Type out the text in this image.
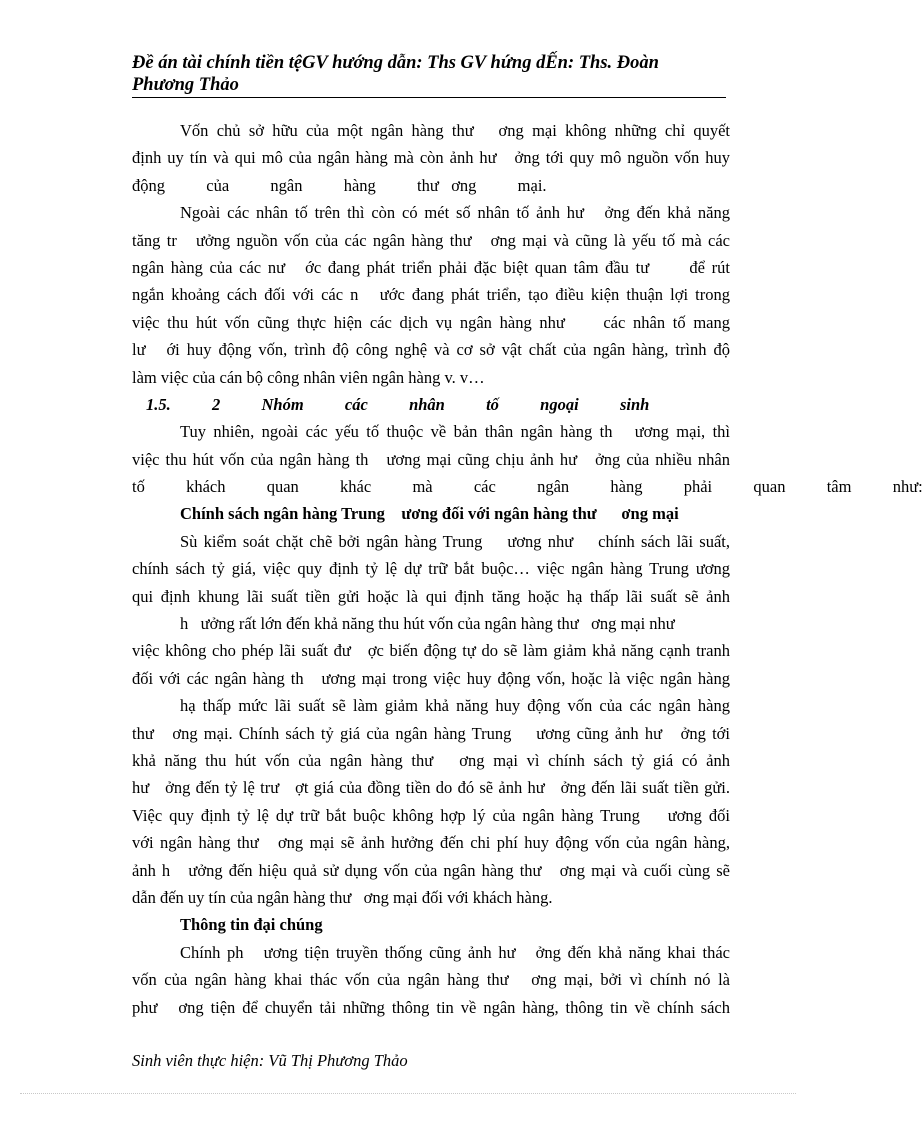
Đề án tài chính tiền tệGV hướng dẫn: Ths GV hứng dẾn: Ths. Đoàn
Phương Thảo
Vốn chủ sở hữu của một ngân hàng thư   ơng mại không những chỉ quyết
định uy tín và qui mô của ngân hàng mà còn ảnh hư   ởng tới quy mô nguồn vốn huy
động          của          ngân          hàng          thư   ơng          mại.
Ngoài các nhân tố trên thì còn có mét số nhân tố ảnh hư   ởng đến khả năng
tăng tr   ưởng nguồn vốn của các ngân hàng thư   ơng mại và cũng là yếu tố mà các
ngân hàng của các nư   ớc đang phát triển phải đặc biệt quan tâm đầu tư      để rút
ngắn khoảng cách đối với các n   ước đang phát triển, tạo điều kiện thuận lợi trong
việc thu hút vốn cũng thực hiện các dịch vụ ngân hàng như     các nhân tố mang
lư   ới huy động vốn, trình độ công nghệ và cơ sở vật chất của ngân hàng, trình độ
làm việc của cán bộ công nhân viên ngân hàng v. v…
1.5.          2          Nhóm          các          nhân          tố          ngoại          sinh
Tuy nhiên, ngoài các yếu tố thuộc về bản thân ngân hàng th   ương mại, thì
việc thu hút vốn của ngân hàng th   ương mại cũng chịu ảnh hư   ởng của nhiều nhân
tố          khách          quan          khác          mà          các          ngân          hàng          phải          quan          tâm          như:
Chính sách ngân hàng Trung    ương đối với ngân hàng thư      ơng mại
Sù kiểm soát chặt chẽ bởi ngân hàng Trung    ương như    chính sách lãi suất,
chính sách tỷ giá, việc quy định tỷ lệ dự trữ bắt buộc… việc ngân hàng Trung ương
qui định khung lãi suất tiền gửi hoặc là qui định tăng hoặc hạ thấp lãi suất sẽ ảnh
h   ưởng rất lớn đến khả năng thu hút vốn của ngân hàng thư   ơng mại như
việc không cho phép lãi suất đư   ợc biến động tự do sẽ làm giảm khả năng cạnh tranh
đối với các ngân hàng th   ương mại trong việc huy động vốn, hoặc là việc ngân hàng
hạ thấp mức lãi suất sẽ làm giảm khả năng huy động vốn của các ngân hàng
thư   ơng mại. Chính sách tỷ giá của ngân hàng Trung    ương cũng ảnh hư   ởng tới
khả năng thu hút vốn của ngân hàng thư   ơng mại vì chính sách tỷ giá có ảnh
hư   ởng đến tỷ lệ trư   ợt giá của đồng tiền do đó sẽ ảnh hư   ởng đến lãi suất tiền gửi.
Việc quy định tỷ lệ dự trữ bắt buộc không hợp lý của ngân hàng Trung    ương đối
với ngân hàng thư   ơng mại sẽ ảnh hưởng đến chi phí huy động vốn của ngân hàng,
ảnh h   ưởng đến hiệu quả sử dụng vốn của ngân hàng thư   ơng mại và cuối cùng sẽ
dẫn đến uy tín của ngân hàng thư   ơng mại đối với khách hàng.
Thông tin đại chúng
Chính ph   ương tiện truyền thống cũng ảnh hư   ởng đến khả năng khai thác
vốn của ngân hàng khai thác vốn của ngân hàng thư   ơng mại, bởi vì chính nó là
phư   ơng tiện để chuyển tải những thông tin về ngân hàng, thông tin về chính sách
Sinh viên thực hiện: Vũ Thị Phương Thảo
